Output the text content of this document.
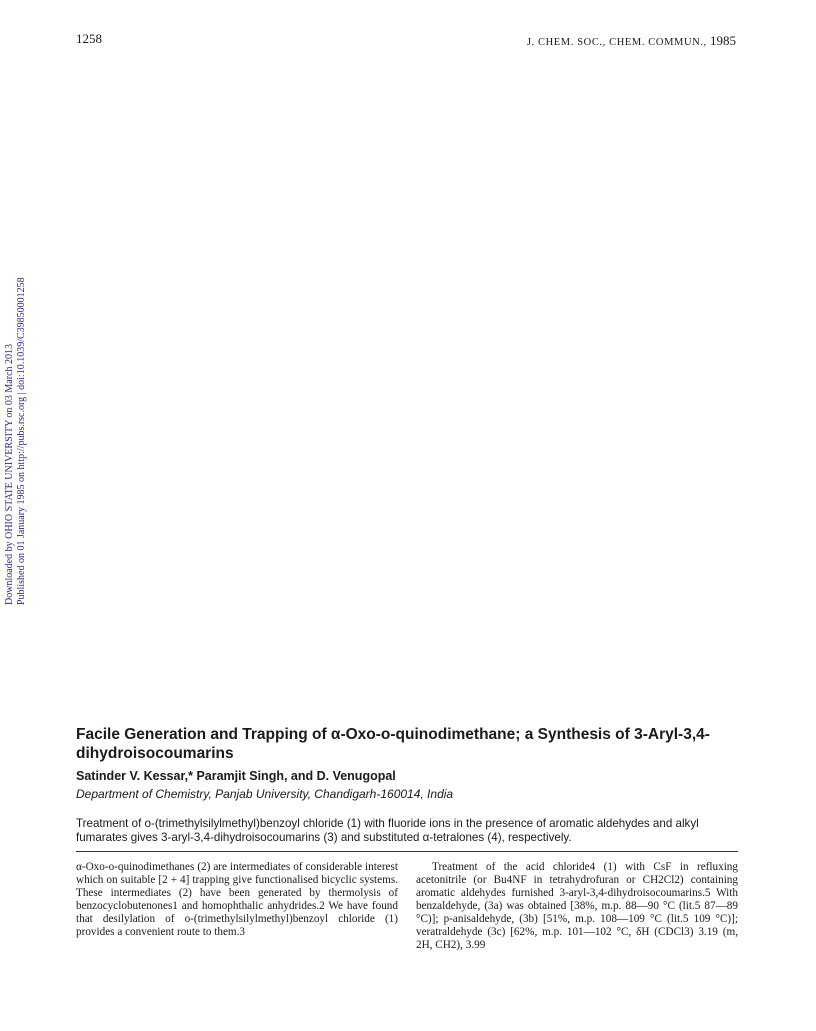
1258	J. CHEM. SOC., CHEM. COMMUN., 1985
Downloaded by OHIO STATE UNIVERSITY on 03 March 2013 Published on 01 January 1985 on http://pubs.rsc.org | doi:10.1039/C39850001258
Facile Generation and Trapping of α-Oxo-o-quinodimethane; a Synthesis of 3-Aryl-3,4-dihydroisocoumarins
Satinder V. Kessar,* Paramjit Singh, and D. Venugopal
Department of Chemistry, Panjab University, Chandigarh-160014, India

Treatment of o-(trimethylsilylmethyl)benzoyl chloride (1) with fluoride ions in the presence of aromatic aldehydes and alkyl fumarates gives 3-aryl-3,4-dihydroisocoumarins (3) and substituted α-tetralones (4), respectively.

α-Oxo-o-quinodimethanes (2) are intermediates of considerable interest which on suitable [2 + 4] trapping give functionalised bicyclic systems. These intermediates (2) have been generated by thermolysis of benzocyclobutenones1 and homophthalic anhydrides.2 We have found that desilylation of o-(trimethylsilylmethyl)benzoyl chloride (1) provides a convenient route to them.3

Treatment of the acid chloride4 (1) with CsF in refluxing acetonitrile (or Bu4NF in tetrahydrofuran or CH2Cl2) containing aromatic aldehydes furnished 3-aryl-3,4-dihydroisocoumarins.5 With benzaldehyde, (3a) was obtained [38%, m.p. 88—90 °C (lit.5 87—89 °C)]; p-anisaldehyde, (3b) [51%, m.p. 108—109 °C (lit.5 109 °C)]; veratraldehyde (3c) [62%, m.p. 101—102 °C, δH (CDCl3) 3.19 (m, 2H, CH2), 3.99
